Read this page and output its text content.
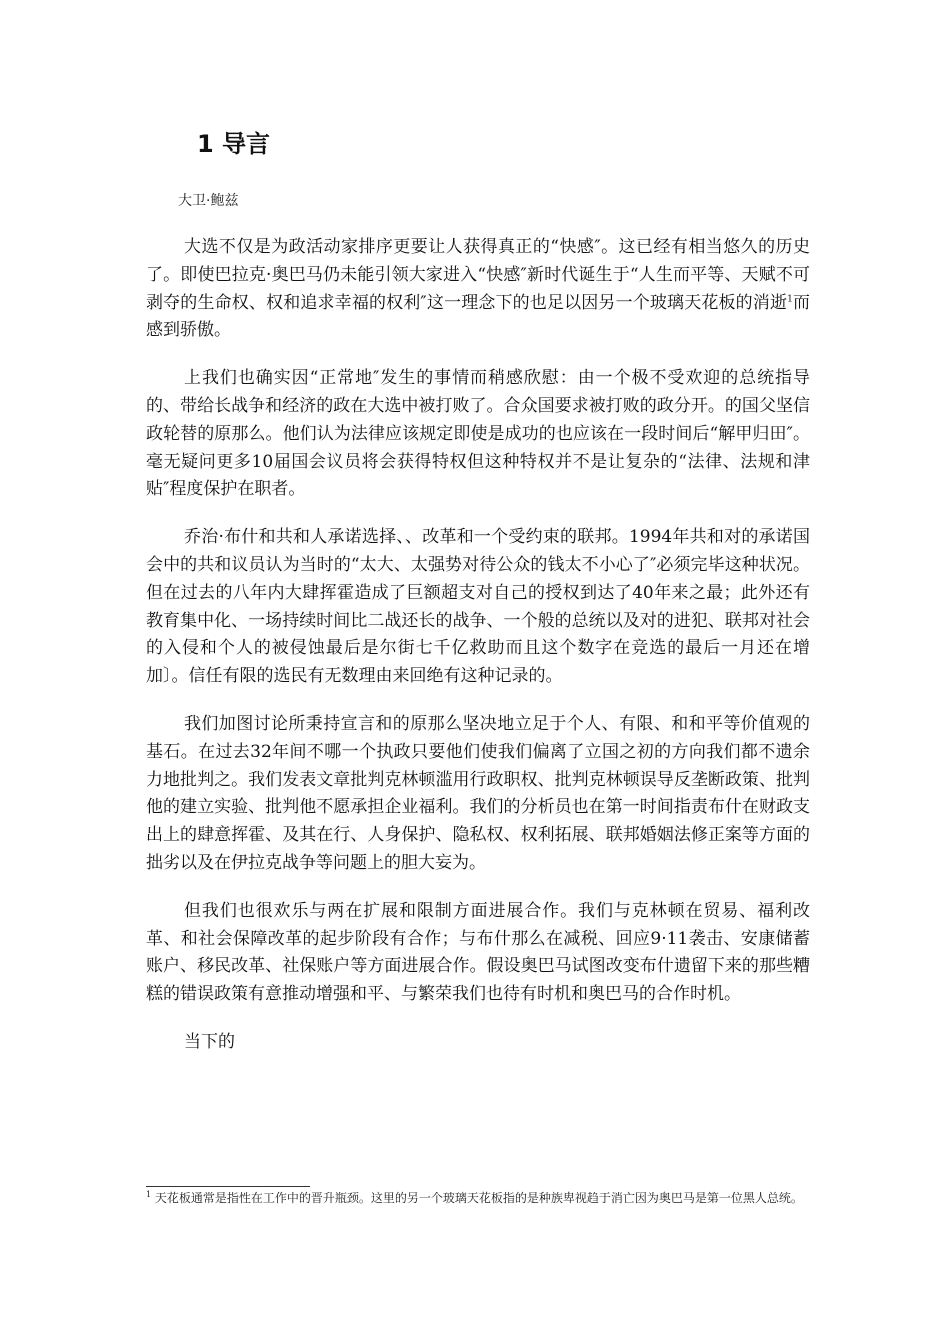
1 导言
大卫·鲍兹

大选不仅是为政活动家排序更要让人获得真正的“快感″。这已经有相当悠久的历史了。即使巴拉克·奥巴马仍未能引领大家进入“快感″新时代诞生于“人生而平等、天赋不可剥夺的生命权、权和追求幸福的权利″这一理念下的也足以因另一个玻璃天花板的消逝$^1$而感到骄傲。

上我们也确实因“正常地″发生的事情而稍感欣慰：由一个极不受欢迎的总统指导的、带给长战争和经济的政在大选中被打败了。合众国要求被打败的政分开。的国父坚信政轮替的原那么。他们认为法律应该规定即使是成功的也应该在一段时间后“解甲归田″。毫无疑问更多10届国会议员将会获得特权但这种特权并不是让复杂的“法律、法规和津贴″程度保护在职者。

乔治·布什和共和人承诺选择、、改革和一个受约束的联邦。1994年共和对的承诺国会中的共和议员认为当时的“太大、太强势对待公众的钱太不小心了″必须完毕这种状况。但在过去的八年内大肆挥霍造成了巨额超支对自己的授权到达了40年来之最；此外还有教育集中化、一场持续时间比二战还长的战争、一个般的总统以及对的进犯、联邦对社会的入侵和个人的被侵蚀最后是尔街七千亿救助而且这个数字在竞选的最后一月还在增加〕。信任有限的选民有无数理由来回绝有这种记录的。

我们加图讨论所秉持宣言和的原那么坚决地立足于个人、有限、和和平等价值观的基石。在过去32年间不哪一个执政只要他们使我们偏离了立国之初的方向我们都不遗余力地批判之。我们发表文章批判克林顿滥用行政职权、批判克林顿误导反垄断政策、批判他的建立实验、批判他不愿承担企业福利。我们的分析员也在第一时间指责布什在财政支出上的肆意挥霍、及其在行、人身保护、隐私权、权利拓展、联邦婚姻法修正案等方面的拙劣以及在伊拉克战争等问题上的胆大妄为。

但我们也很欢乐与两在扩展和限制方面进展合作。我们与克林顿在贸易、福利改革、和社会保障改革的起步阶段有合作；与布什那么在减税、回应9·11袭击、安康储蓄账户、移民改革、社保账户等方面进展合作。假设奥巴马试图改变布什遗留下来的那些糟糕的错误政策有意推动增强和平、与繁荣我们也待有时机和奥巴马的合作时机。

当下的

$^1$ 天花板通常是指性在工作中的晋升瓶颈。这里的另一个玻璃天花板指的是种族卑视趋于消亡因为奥巴马是第一位黑人总统。
